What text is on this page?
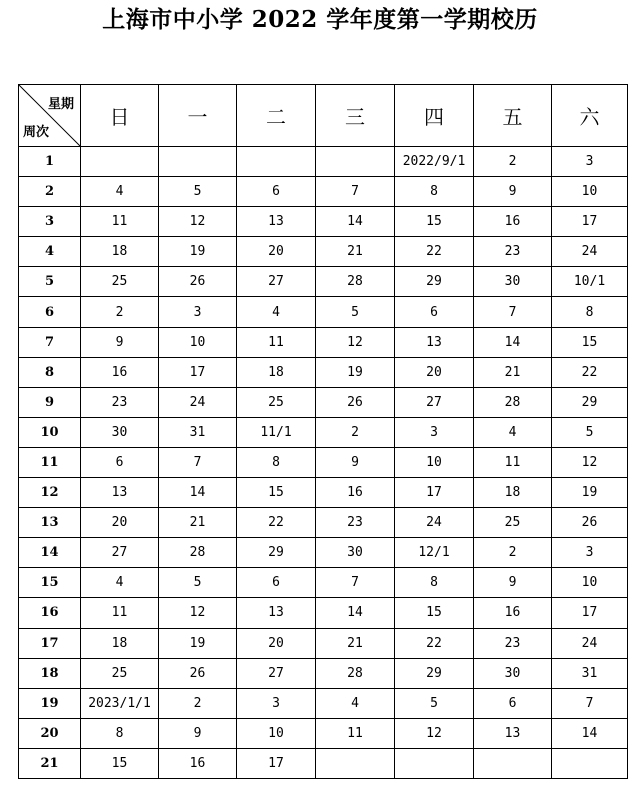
上海市中小学 2022 学年度第一学期校历
星期
周次	日	一	二	三	四	五	六
1					2022/9/1	2	3
2	4	5	6	7	8	9	10
3	11	12	13	14	15	16	17
4	18	19	20	21	22	23	24
5	25	26	27	28	29	30	10/1
6	2	3	4	5	6	7	8
7	9	10	11	12	13	14	15
8	16	17	18	19	20	21	22
9	23	24	25	26	27	28	29
10	30	31	11/1	2	3	4	5
11	6	7	8	9	10	11	12
12	13	14	15	16	17	18	19
13	20	21	22	23	24	25	26
14	27	28	29	30	12/1	2	3
15	4	5	6	7	8	9	10
16	11	12	13	14	15	16	17
17	18	19	20	21	22	23	24
18	25	26	27	28	29	30	31
19	2023/1/1	2	3	4	5	6	7
20	8	9	10	11	12	13	14
21	15	16	17				
